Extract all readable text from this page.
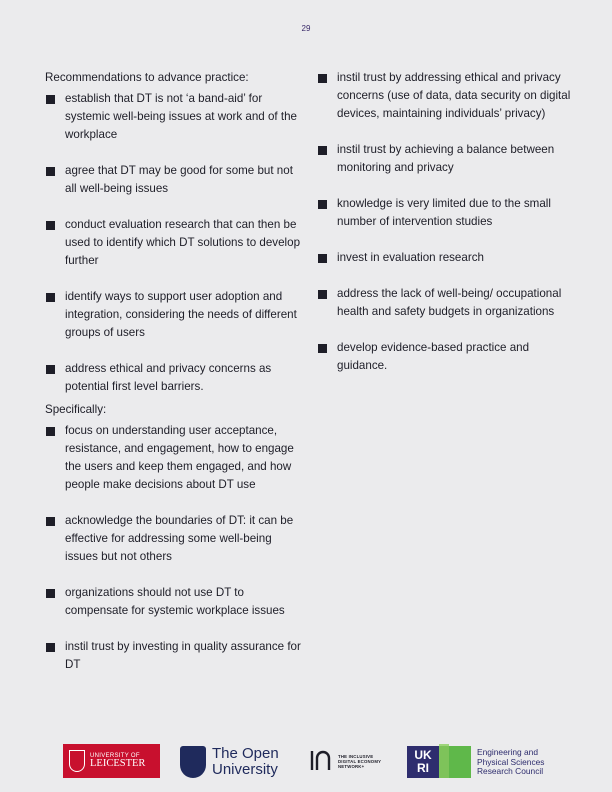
29

Recommendations to advance practice:

establish that DT is not ‘a band-aid’ for systemic well-being issues at work and of the workplace
agree that DT may be good for some but not all well-being issues
conduct evaluation research that can then be used to identify which DT solutions to develop further
identify ways to support user adoption and integration, considering the needs of different groups of users
address ethical and privacy concerns as potential first level barriers.

Specifically:

focus on understanding user acceptance, resistance, and engagement, how to engage the users and keep them engaged, and how people make decisions about DT use
acknowledge the boundaries of DT: it can be effective for addressing some well-being issues but not others
organizations should not use DT to compensate for systemic workplace issues
instil trust by investing in quality assurance for DT
instil trust by addressing ethical and privacy concerns (use of data, data security on digital devices, maintaining individuals’ privacy)
instil trust by achieving a balance between monitoring and privacy
knowledge is very limited due to the small number of intervention studies
invest in evaluation research
address the lack of well-being/ occupational health and safety budgets in organizations
develop evidence-based practice and guidance.
UNIVERSITY OF
LEICESTER
The Open
University
THE INCLUSIVE
DIGITAL ECONOMY
NETWORK+
UK
RI
Engineering and
Physical Sciences
Research Council
